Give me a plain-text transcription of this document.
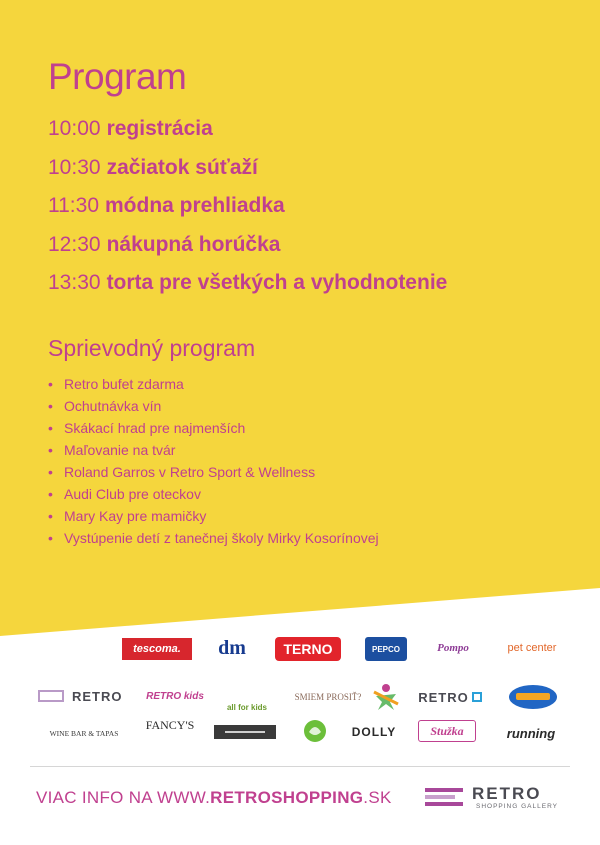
Program
10:00 registrácia
10:30 začiatok súťaží
11:30 módna prehliadka
12:30 nákupná horúčka
13:30 torta pre všetkých a vyhodnotenie
Sprievodný program
• Retro bufet zdarma
• Ochutnávka vín
• Skákací hrad pre najmenších
• Maľovanie na tvár
• Roland Garros v Retro Sport & Wellness
• Audi Club pre oteckov
• Mary Kay pre mamičky
• Vystúpenie detí z tanečnej školy Mirky Kosorínovej
tescoma.	dm	TERNO	PEPCO	Pompo	pet center
RETRO RETRO kids
all for kids
SMIEM PROSIŤ?	RETRO
WINE BAR & TAPAS
FANCY'S	DOLLY	Stužka	running
VIAC INFO NA WWW.RETROSHOPPING.SK	RETRO
SHOPPING GALLERY
